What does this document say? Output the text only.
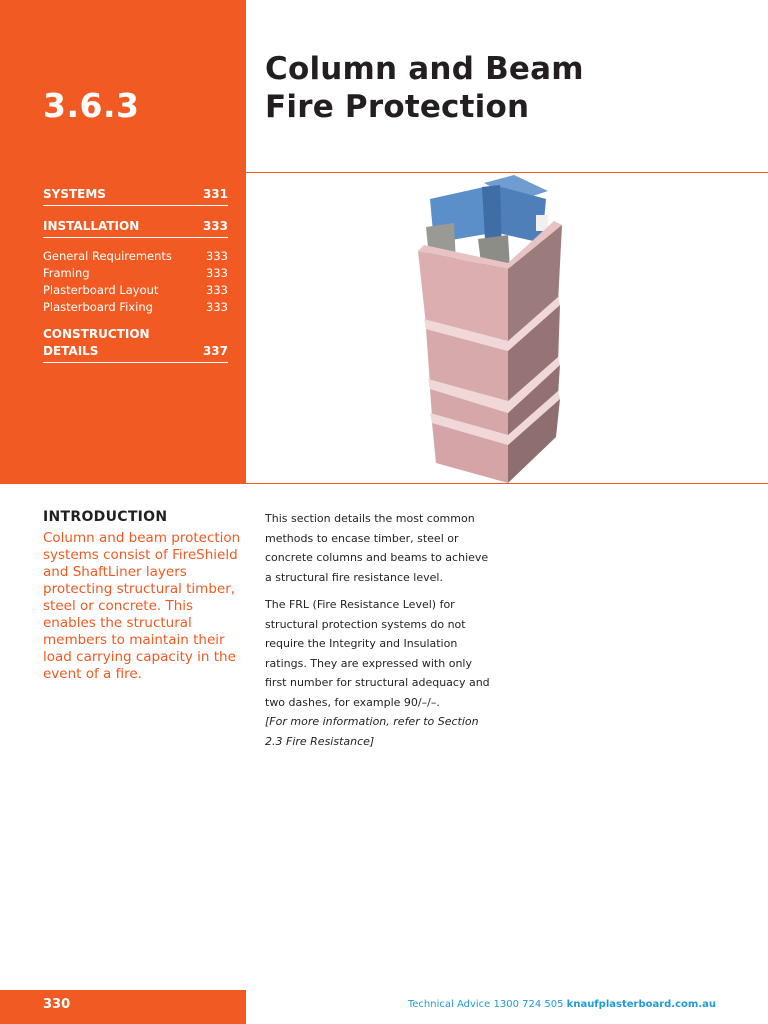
3.6.3
SYSTEMS	331
INSTALLATION	333
General Requirements	333
Framing	333
Plasterboard Layout	333
Plasterboard Fixing	333
CONSTRUCTION
DETAILS	337
Column and Beam
Fire Protection
INTRODUCTION

Column and beam protection systems consist of FireShield and ShaftLiner layers protecting structural timber, steel or concrete. This enables the structural members to maintain their load carrying capacity in the event of a fire.

This section details the most common methods to encase timber, steel or concrete columns and beams to achieve a structural fire resistance level.

The FRL (Fire Resistance Level) for structural protection systems do not require the Integrity and Insulation ratings. They are expressed with only first number for structural adequacy and two dashes, for example 90/–/–.
[For more information, refer to Section 2.3 Fire Resistance]

330	Technical Advice 1300 724 505 knaufplasterboard.com.au
